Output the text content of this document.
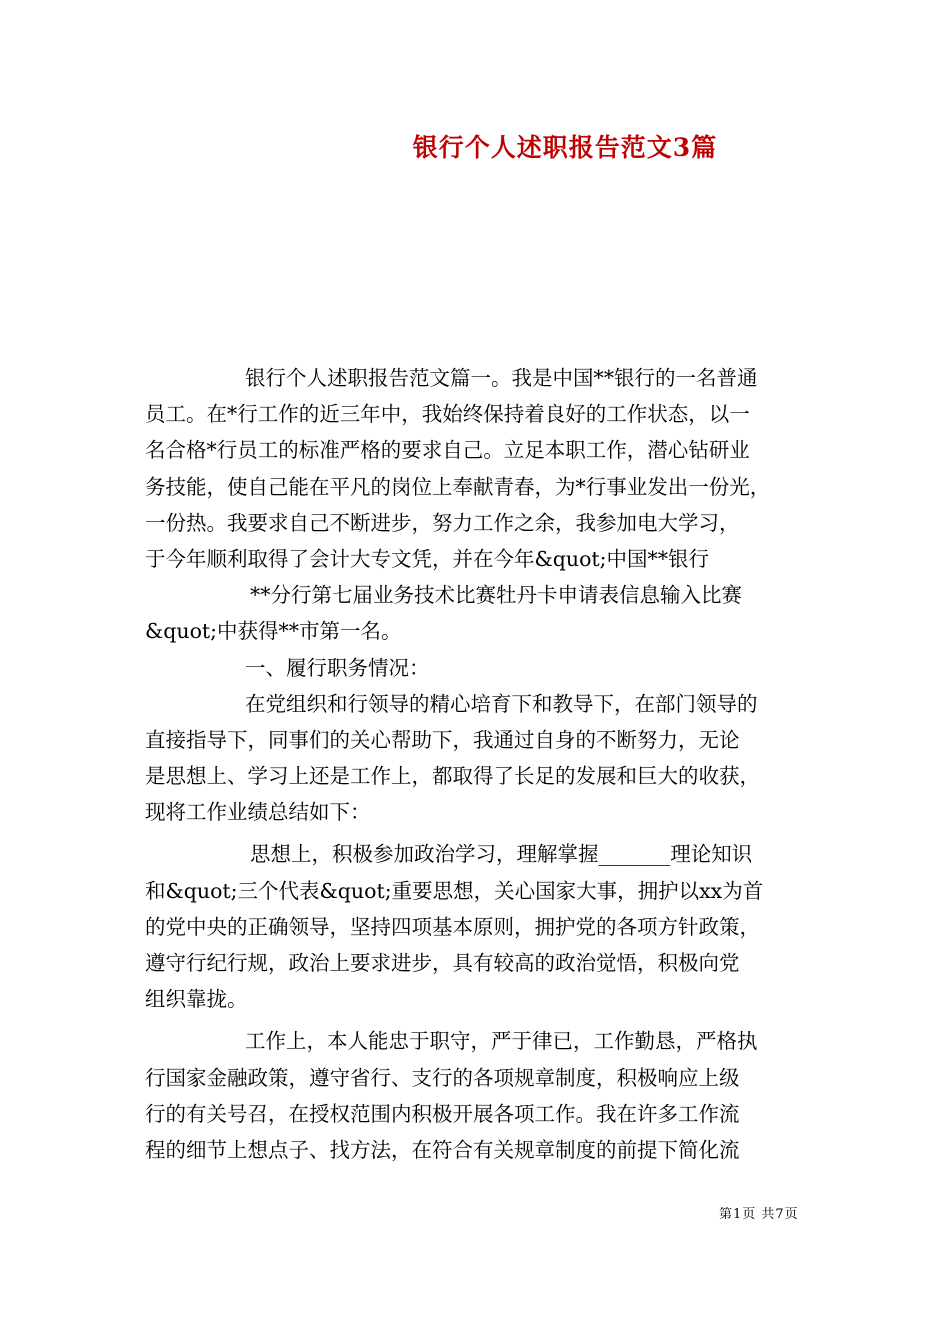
银行个人述职报告范文3篇
银行个人述职报告范文篇一。我是中国**银行的一名普通
员工。在*行工作的近三年中，我始终保持着良好的工作状态，以一
名合格*行员工的标准严格的要求自己。立足本职工作，潜心钻研业
务技能，使自己能在平凡的岗位上奉献青春，为*行事业发出一份光，
一份热。我要求自己不断进步，努力工作之余，我参加电大学习，
于今年顺利取得了会计大专文凭，并在今年&quot;中国**银行
**分行第七届业务技术比赛牡丹卡申请表信息输入比赛
&quot;中获得**市第一名。
一、履行职务情况：
在党组织和行领导的精心培育下和教导下，在部门领导的
直接指导下，同事们的关心帮助下，我通过自身的不断努力，无论
是思想上、学习上还是工作上，都取得了长足的发展和巨大的收获，
现将工作业绩总结如下：
思想上，积极参加政治学习，理解掌握_______理论知识
和&quot;三个代表&quot;重要思想，关心国家大事，拥护以xx为首
的党中央的正确领导，坚持四项基本原则，拥护党的各项方针政策，
遵守行纪行规，政治上要求进步，具有较高的政治觉悟，积极向党
组织靠拢。
工作上，本人能忠于职守，严于律已，工作勤恳，严格执
行国家金融政策，遵守省行、支行的各项规章制度，积极响应上级
行的有关号召，在授权范围内积极开展各项工作。我在许多工作流
程的细节上想点子、找方法，在符合有关规章制度的前提下简化流
第1页 共7页
